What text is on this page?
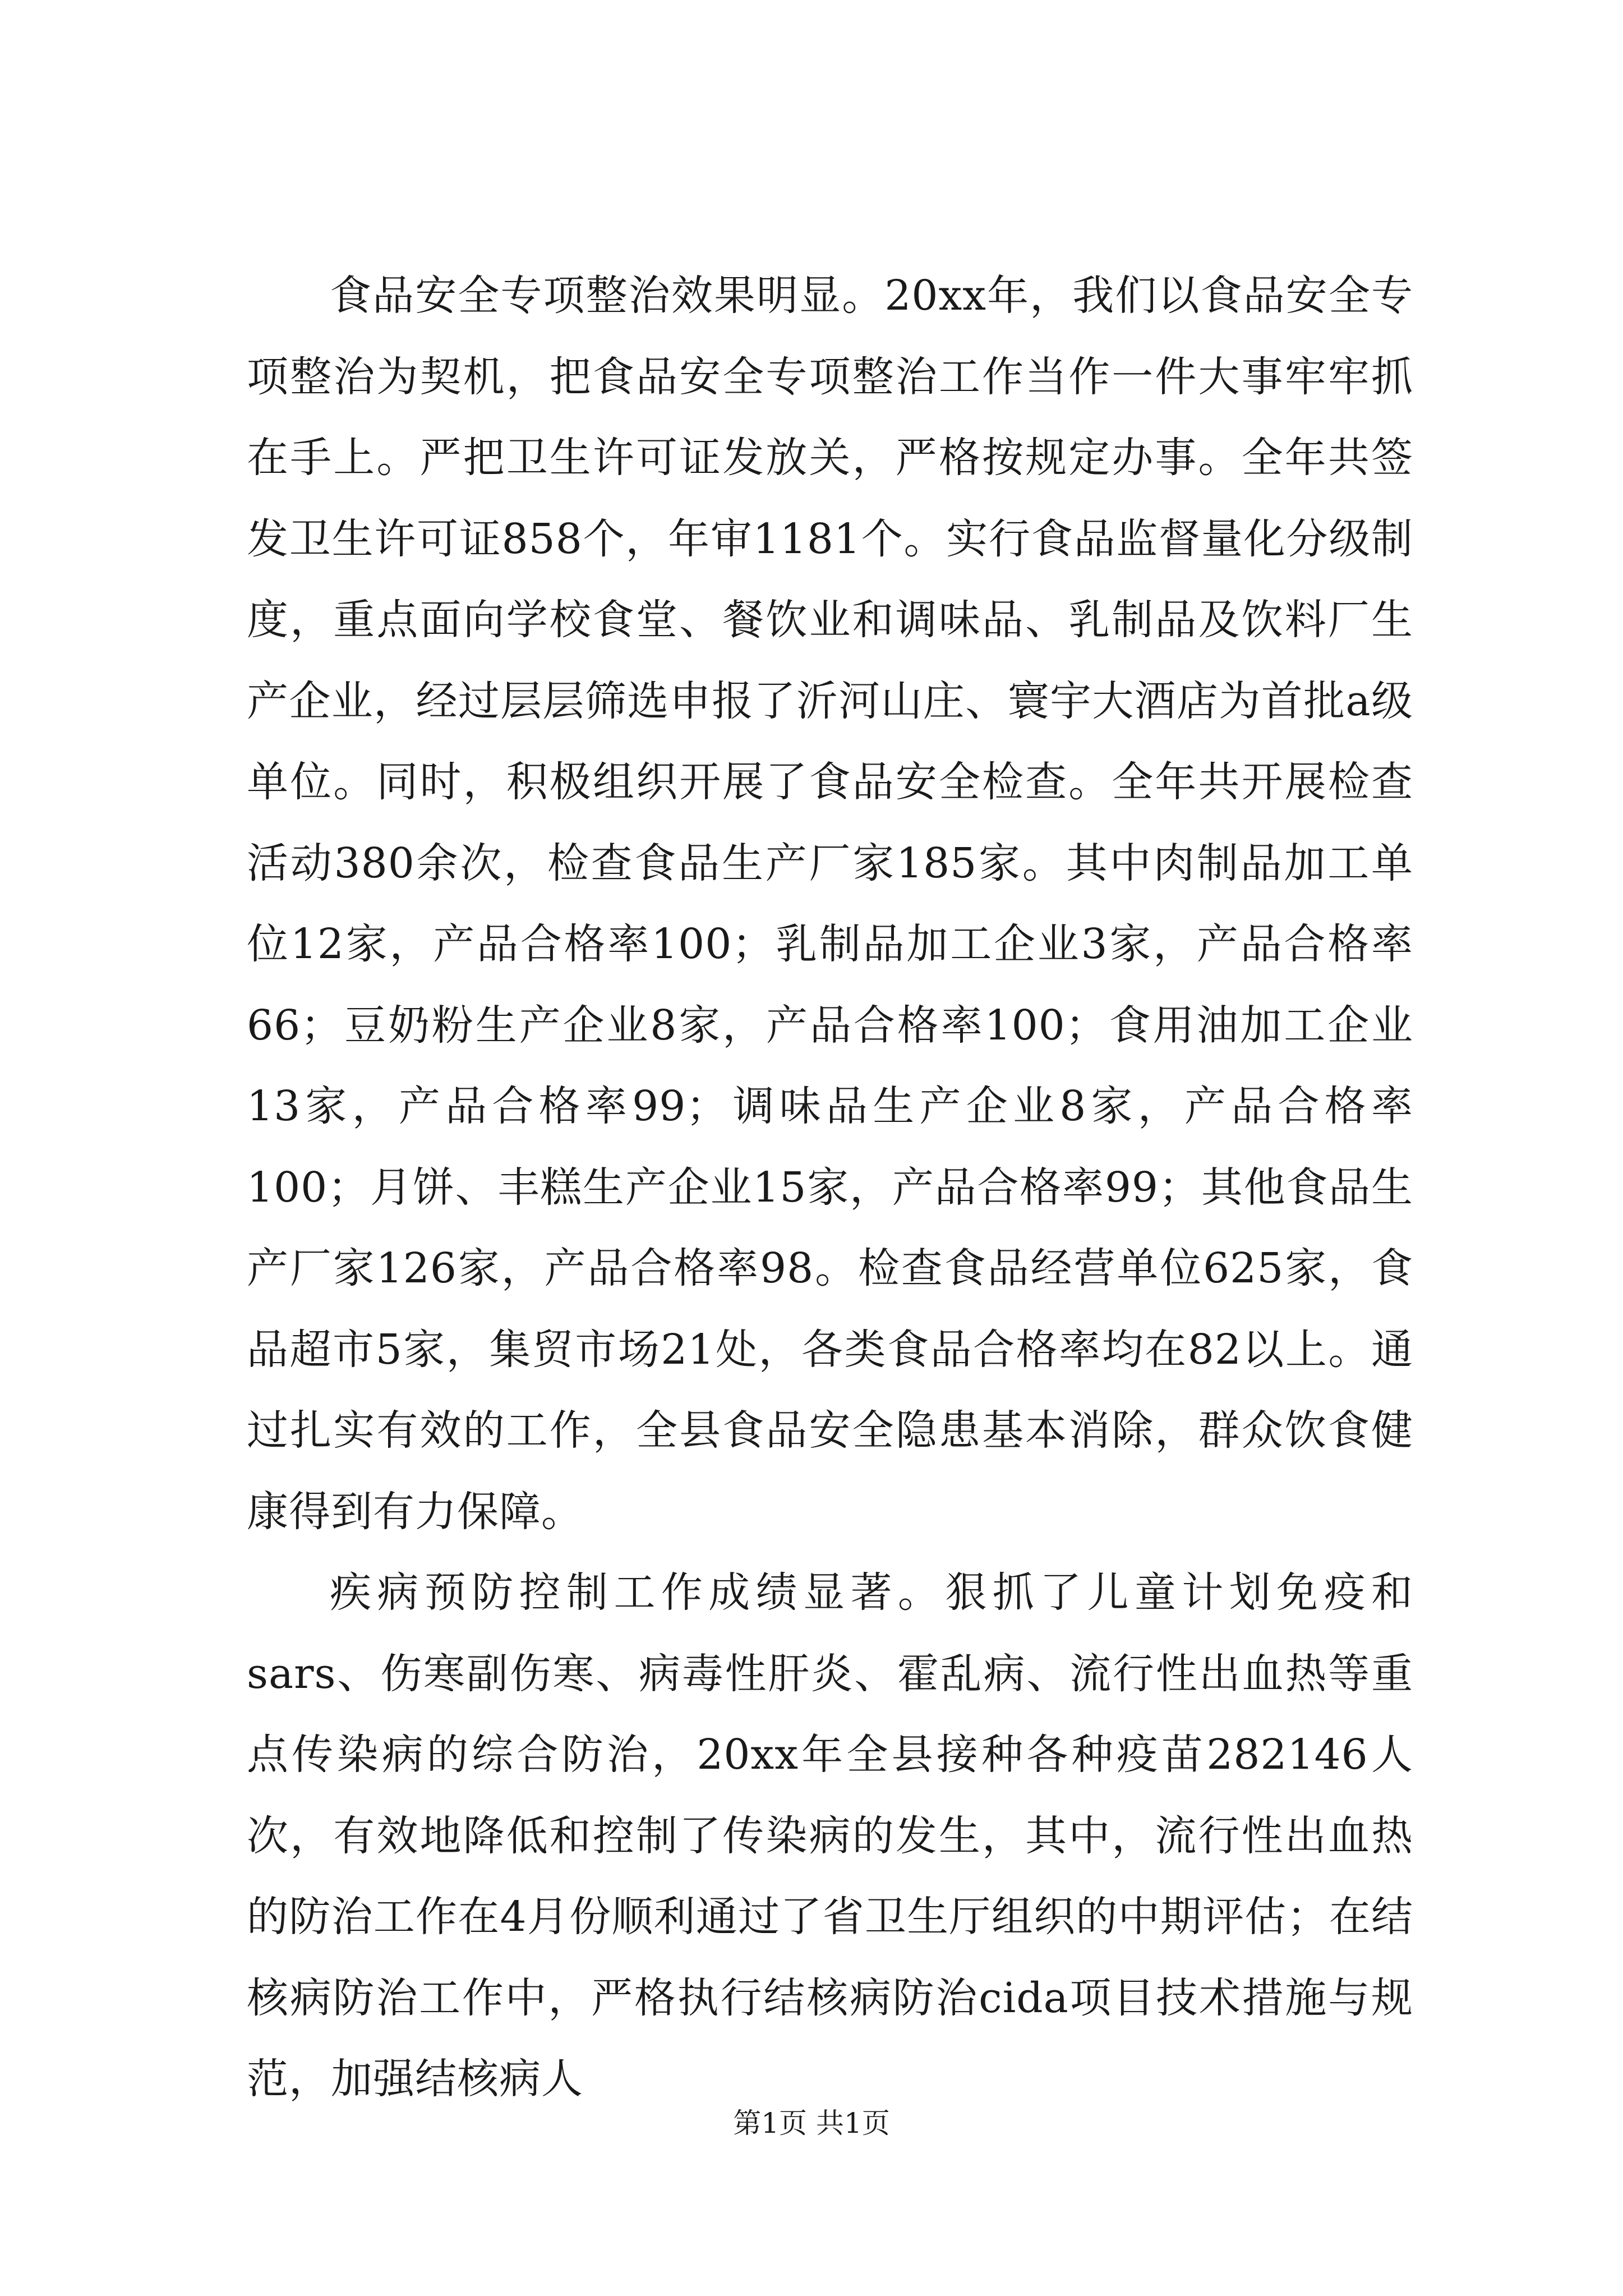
食品安全专项整治效果明显。20xx年，我们以食品安全专项整治为契机，把食品安全专项整治工作当作一件大事牢牢抓在手上。严把卫生许可证发放关，严格按规定办事。全年共签发卫生许可证858个，年审1181个。实行食品监督量化分级制度，重点面向学校食堂、餐饮业和调味品、乳制品及饮料厂生产企业，经过层层筛选申报了沂河山庄、寰宇大酒店为首批a级单位。同时，积极组织开展了食品安全检查。全年共开展检查活动380余次，检查食品生产厂家185家。其中肉制品加工单位12家，产品合格率100；乳制品加工企业3家，产品合格率66；豆奶粉生产企业8家，产品合格率100；食用油加工企业13家，产品合格率99；调味品生产企业8家，产品合格率100；月饼、丰糕生产企业15家，产品合格率99；其他食品生产厂家126家，产品合格率98。检查食品经营单位625家，食品超市5家，集贸市场21处，各类食品合格率均在82以上。通过扎实有效的工作，全县食品安全隐患基本消除，群众饮食健康得到有力保障。

疾病预防控制工作成绩显著。狠抓了儿童计划免疫和sars、伤寒副伤寒、病毒性肝炎、霍乱病、流行性出血热等重点传染病的综合防治，20xx年全县接种各种疫苗282146人次，有效地降低和控制了传染病的发生，其中，流行性出血热的防治工作在4月份顺利通过了省卫生厅组织的中期评估；在结核病防治工作中，严格执行结核病防治cida项目技术措施与规范，加强结核病人

第1页 共1页
